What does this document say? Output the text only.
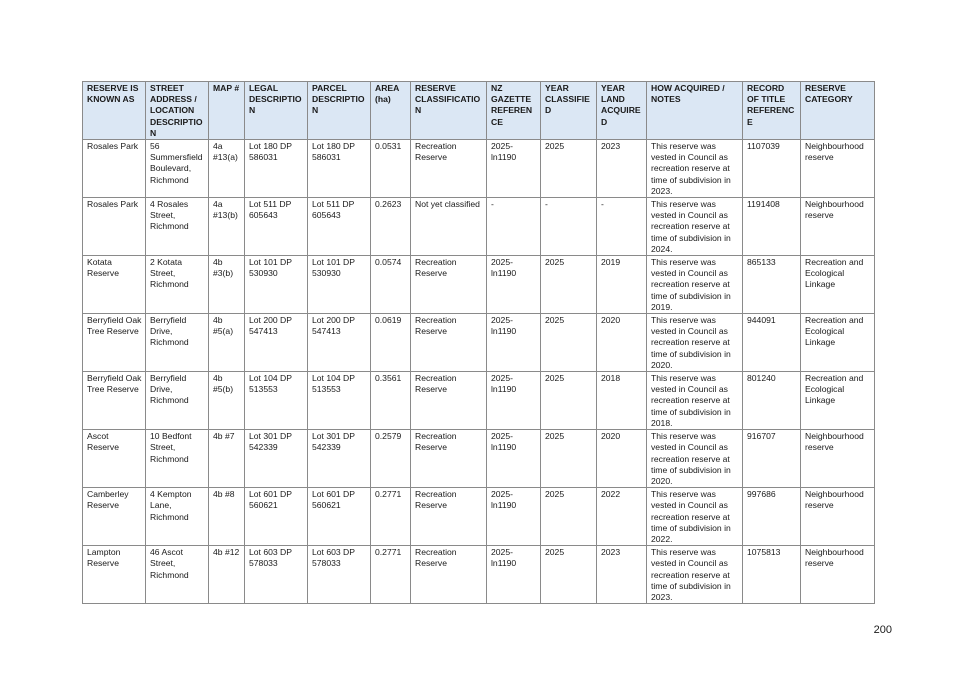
RESERVE IS KNOWN AS	STREET ADDRESS / LOCATION DESCRIPTION	MAP #	LEGAL DESCRIPTION	PARCEL DESCRIPTION	AREA (ha)	RESERVE CLASSIFICATION	NZ GAZETTE REFERENCE	YEAR CLASSIFIED	YEAR LAND ACQUIRED	HOW ACQUIRED / NOTES	RECORD OF TITLE REFERENCE	RESERVE CATEGORY
Rosales Park	56 Summersfield Boulevard, Richmond	4a #13(a)	Lot 180 DP 586031	Lot 180 DP 586031	0.0531	Recreation Reserve	2025-ln1190	2025	2023	This reserve was vested in Council as recreation reserve at time of subdivision in 2023.	1107039	Neighbourhood reserve
Rosales Park	4 Rosales Street, Richmond	4a #13(b)	Lot 511 DP 605643	Lot 511 DP 605643	0.2623	Not yet classified	-	-	-	This reserve was vested in Council as recreation reserve at time of subdivision in 2024.	1191408	Neighbourhood reserve
Kotata Reserve	2 Kotata Street, Richmond	4b #3(b)	Lot 101 DP 530930	Lot 101 DP 530930	0.0574	Recreation Reserve	2025-ln1190	2025	2019	This reserve was vested in Council as recreation reserve at time of subdivision in 2019.	865133	Recreation and Ecological Linkage
Berryfield Oak Tree Reserve	Berryfield Drive, Richmond	4b #5(a)	Lot 200 DP 547413	Lot 200 DP 547413	0.0619	Recreation Reserve	2025-ln1190	2025	2020	This reserve was vested in Council as recreation reserve at time of subdivision in 2020.	944091	Recreation and Ecological Linkage
Berryfield Oak Tree Reserve	Berryfield Drive, Richmond	4b #5(b)	Lot 104 DP 513553	Lot 104 DP 513553	0.3561	Recreation Reserve	2025-ln1190	2025	2018	This reserve was vested in Council as recreation reserve at time of subdivision in 2018.	801240	Recreation and Ecological Linkage
Ascot Reserve	10 Bedfont Street, Richmond	4b #7	Lot 301 DP 542339	Lot 301 DP 542339	0.2579	Recreation Reserve	2025-ln1190	2025	2020	This reserve was vested in Council as recreation reserve at time of subdivision in 2020.	916707	Neighbourhood reserve
Camberley Reserve	4 Kempton Lane, Richmond	4b #8	Lot 601 DP 560621	Lot 601 DP 560621	0.2771	Recreation Reserve	2025-ln1190	2025	2022	This reserve was vested in Council as recreation reserve at time of subdivision in 2022.	997686	Neighbourhood reserve
Lampton Reserve	46 Ascot Street, Richmond	4b #12	Lot 603 DP 578033	Lot 603 DP 578033	0.2771	Recreation Reserve	2025-ln1190	2025	2023	This reserve was vested in Council as recreation reserve at time of subdivision in 2023.	1075813	Neighbourhood reserve
200
